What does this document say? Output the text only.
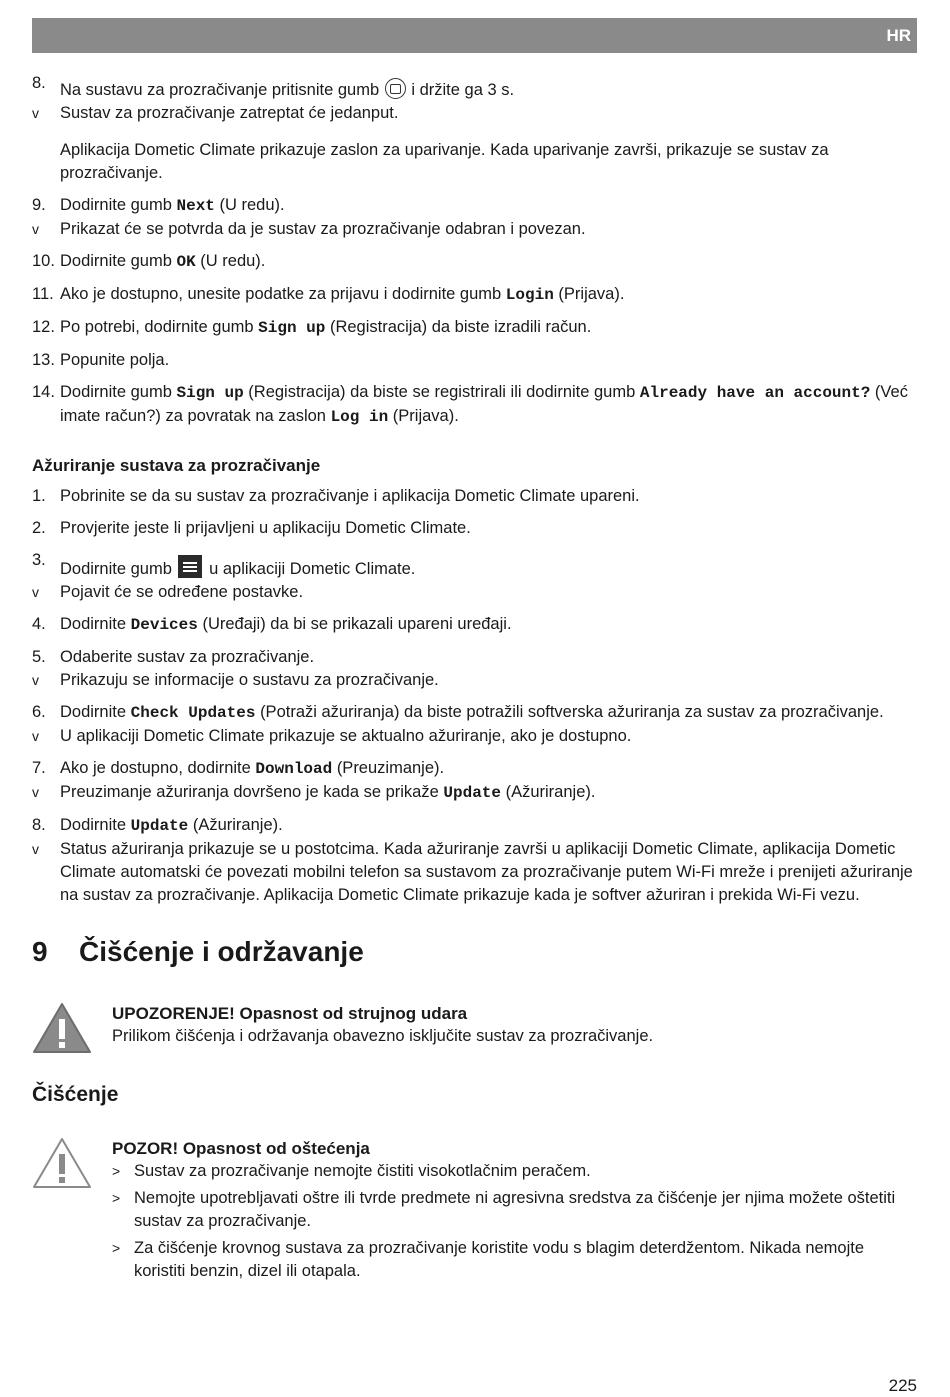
HR
8. Na sustavu za prozračivanje pritisnite gumb i držite ga 3 s.
v Sustav za prozračivanje zatreptat će jedanput.
Aplikacija Dometic Climate prikazuje zaslon za uparivanje. Kada uparivanje završi, prikazuje se sustav za prozračivanje.
9. Dodirnite gumb Next (U redu).
v Prikazat će se potvrda da je sustav za prozračivanje odabran i povezan.
10. Dodirnite gumb OK (U redu).
11. Ako je dostupno, unesite podatke za prijavu i dodirnite gumb Login (Prijava).
12. Po potrebi, dodirnite gumb Sign up (Registracija) da biste izradili račun.
13. Popunite polja.
14. Dodirnite gumb Sign up (Registracija) da biste se registrirali ili dodirnite gumb Already have an account? (Već imate račun?) za povratak na zaslon Log in (Prijava).
Ažuriranje sustava za prozračivanje
1. Pobrinite se da su sustav za prozračivanje i aplikacija Dometic Climate upareni.
2. Provjerite jeste li prijavljeni u aplikaciju Dometic Climate.
3. Dodirnite gumb u aplikaciji Dometic Climate.
v Pojavit će se određene postavke.
4. Dodirnite Devices (Uređaji) da bi se prikazali upareni uređaji.
5. Odaberite sustav za prozračivanje.
v Prikazuju se informacije o sustavu za prozračivanje.
6. Dodirnite Check Updates (Potraži ažuriranja) da biste potražili softverska ažuriranja za sustav za prozračivanje.
v U aplikaciji Dometic Climate prikazuje se aktualno ažuriranje, ako je dostupno.
7. Ako je dostupno, dodirnite Download (Preuzimanje).
v Preuzimanje ažuriranja dovršeno je kada se prikaže Update (Ažuriranje).
8. Dodirnite Update (Ažuriranje).
v Status ažuriranja prikazuje se u postotcima. Kada ažuriranje završi u aplikaciji Dometic Climate, aplikacija Dometic Climate automatski će povezati mobilni telefon sa sustavom za prozračivanje putem Wi-Fi mreže i prenijeti ažuriranje na sustav za prozračivanje. Aplikacija Dometic Climate prikazuje kada je softver ažuriran i prekida Wi-Fi vezu.
9 Čišćenje i održavanje
UPOZORENJE! Opasnost od strujnog udara
Prilikom čišćenja i održavanja obavezno isključite sustav za prozračivanje.
Čišćenje
POZOR! Opasnost od oštećenja
> Sustav za prozračivanje nemojte čistiti visokotlačnim peračem.
> Nemojte upotrebljavati oštre ili tvrde predmete ni agresivna sredstva za čišćenje jer njima možete oštetiti sustav za prozračivanje.
> Za čišćenje krovnog sustava za prozračivanje koristite vodu s blagim deterdžentom. Nikada nemojte koristiti benzin, dizel ili otapala.
225
